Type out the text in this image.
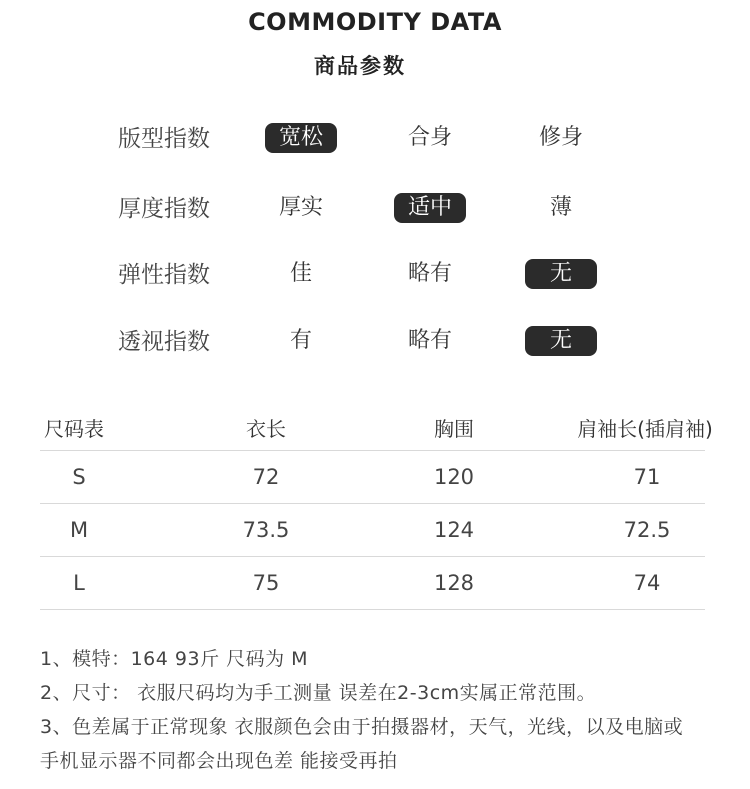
COMMODITY DATA
商品参数
版型指数	宽松	合身	修身
厚度指数	厚实	适中	薄
弹性指数	佳	略有	无
透视指数	有	略有	无
尺码表	衣长	胸围	肩袖长(插肩袖)
S	72	120	71
M	73.5	124	72.5
L	75	128	74
1、模特：164 93斤 尺码为 M
2、尺寸： 衣服尺码均为手工测量 误差在2-3cm实属正常范围。
3、色差属于正常现象 衣服颜色会由于拍摄器材，天气，光线，以及电脑或
手机显示器不同都会出现色差 能接受再拍
